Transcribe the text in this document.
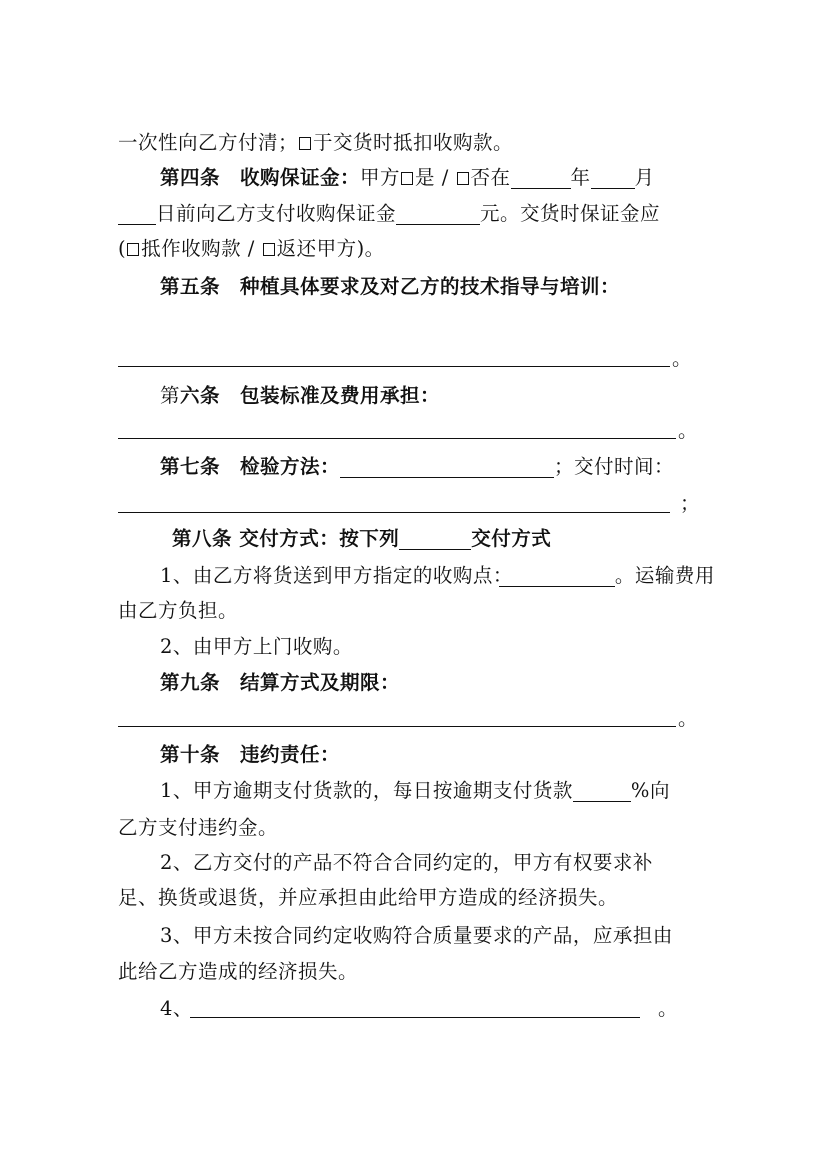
一次性向乙方付清； 于交货时抵扣收购款。
第四条 收购保证金：甲方 是 / 否在	年 月
日前向乙方支付收购保证金	元。交货时保证金应
( 抵作收购款 / 返还甲方)。
第五条 种植具体要求及对乙方的技术指导与培训：
。
第六条 包装标准及费用承担：
。
第七条 检验方法：	；交付时间：
；
第八条 交付方式：按下列	交付方式
1、由乙方将货送到甲方指定的收购点：	。运输费用
由乙方负担。
2、由甲方上门收购。
第九条 结算方式及期限：
。
第十条 违约责任：
1、甲方逾期支付货款的，每日按逾期支付货款	%向
乙方支付违约金。
2、乙方交付的产品不符合合同约定的，甲方有权要求补
足、换货或退货，并应承担由此给甲方造成的经济损失。
3、甲方未按合同约定收购符合质量要求的产品，应承担由
此给乙方造成的经济损失。
4、	。
